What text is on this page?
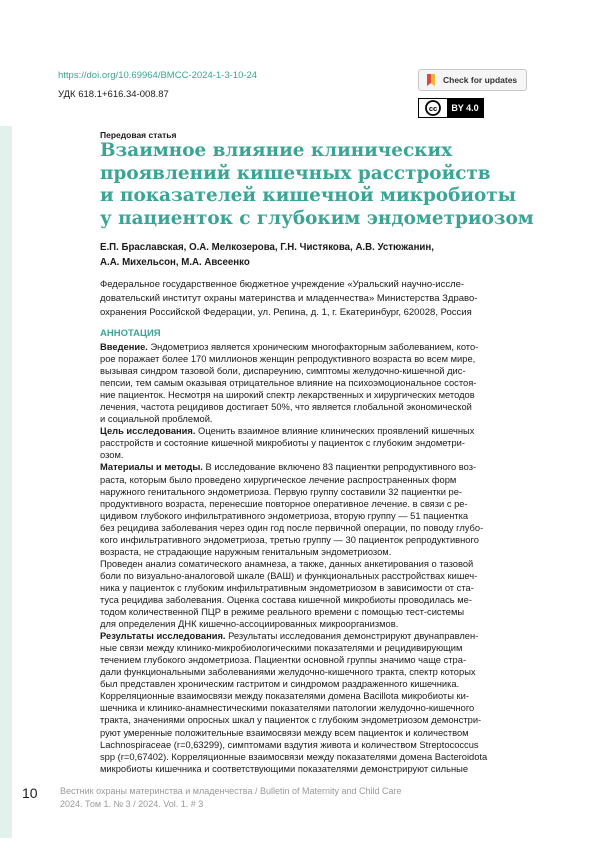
https://doi.org/10.69964/BMCC-2024-1-3-10-24
УДК 618.1+616.34-008.87
Check for updates
cc	BY 4.0
Передовая статья
Взаимное влияние клинических
проявлений кишечных расстройств
и показателей кишечной микробиоты
у пациенток с глубоким эндометриозом
Е.П. Браславская, О.А. Мелкозерова, Г.Н. Чистякова, А.В. Устюжанин,
А.А. Михельсон, М.А. Авсеенко
Федеральное государственное бюджетное учреждение «Уральский научно-иссле-
довательский институт охраны материнства и младенчества» Министерства Здраво-
охранения Российской Федерации, ул. Репина, д. 1, г. Екатеринбург, 620028, Россия
АННОТАЦИЯ
Введение. Эндометриоз является хроническим многофакторным заболеванием, кото-
рое поражает более 170 миллионов женщин репродуктивного возраста во всем мире,
вызывая синдром тазовой боли, диспареунию, симптомы желудочно-кишечной дис-
пепсии, тем самым оказывая отрицательное влияние на психоэмоциональное состоя-
ние пациенток. Несмотря на широкий спектр лекарственных и хирургических методов
лечения, частота рецидивов достигает 50%, что является глобальной экономической
и социальной проблемой.
Цель исследования. Оценить взаимное влияние клинических проявлений кишечных
расстройств и состояние кишечной микробиоты у пациенток с глубоким эндометри-
озом.
Материалы и методы. В исследование включено 83 пациентки репродуктивного воз-
раста, которым было проведено хирургическое лечение распространенных форм
наружного генитального эндометриоза. Первую группу составили 32 пациентки ре-
продуктивного возраста, перенесшие повторное оперативное лечение. в связи с ре-
цидивом глубокого инфильтративного эндометриоза, вторую группу — 51 пациентка
без рецидива заболевания через один год после первичной операции, по поводу глубо-
кого инфильтративного эндометриоза, третью группу — 30 пациенток репродуктивного
возраста, не страдающие наружным генитальным эндометриозом.
Проведен анализ соматического анамнеза, а также, данных анкетирования о тазовой
боли по визуально-аналоговой шкале (ВАШ) и функциональных расстройствах кишеч-
ника у пациенток с глубоким инфильтративным эндометриозом в зависимости от ста-
туса рецидива заболевания. Оценка состава кишечной микробиоты проводилась ме-
тодом количественной ПЦР в режиме реального времени с помощью тест-системы
для определения ДНК кишечно-ассоциированных микроорганизмов.
Результаты исследования. Результаты исследования демонстрируют двунаправлен-
ные связи между клинико-микробиологическими показателями и рецидивирующим
течением глубокого эндометриоза. Пациентки основной группы значимо чаще стра-
дали функциональными заболеваниями желудочно-кишечного тракта, спектр которых
был представлен хроническим гастритом и синдромом раздраженного кишечника.
Корреляционные взаимосвязи между показателями домена Bacillota микробиоты ки-
шечника и клинико-анамнестическими показателями патологии желудочно-кишечного
тракта, значениями опросных шкал у пациенток с глубоким эндометриозом демонстри-
руют умеренные положительные взаимосвязи между всем пациенток и количеством
Lachnospiraceae (r=0,63299), симптомами вздутия живота и количеством Streptococcus
spp (r=0,67402). Корреляционные взаимосвязи между показателями домена Bacteroidota
микробиоты кишечника и соответствующими показателями демонстрируют сильные
10 Вестник охраны материнства и младенчества / Bulletin of Maternity and Child Care
2024. Том 1. № 3 / 2024. Vol. 1. # 3
